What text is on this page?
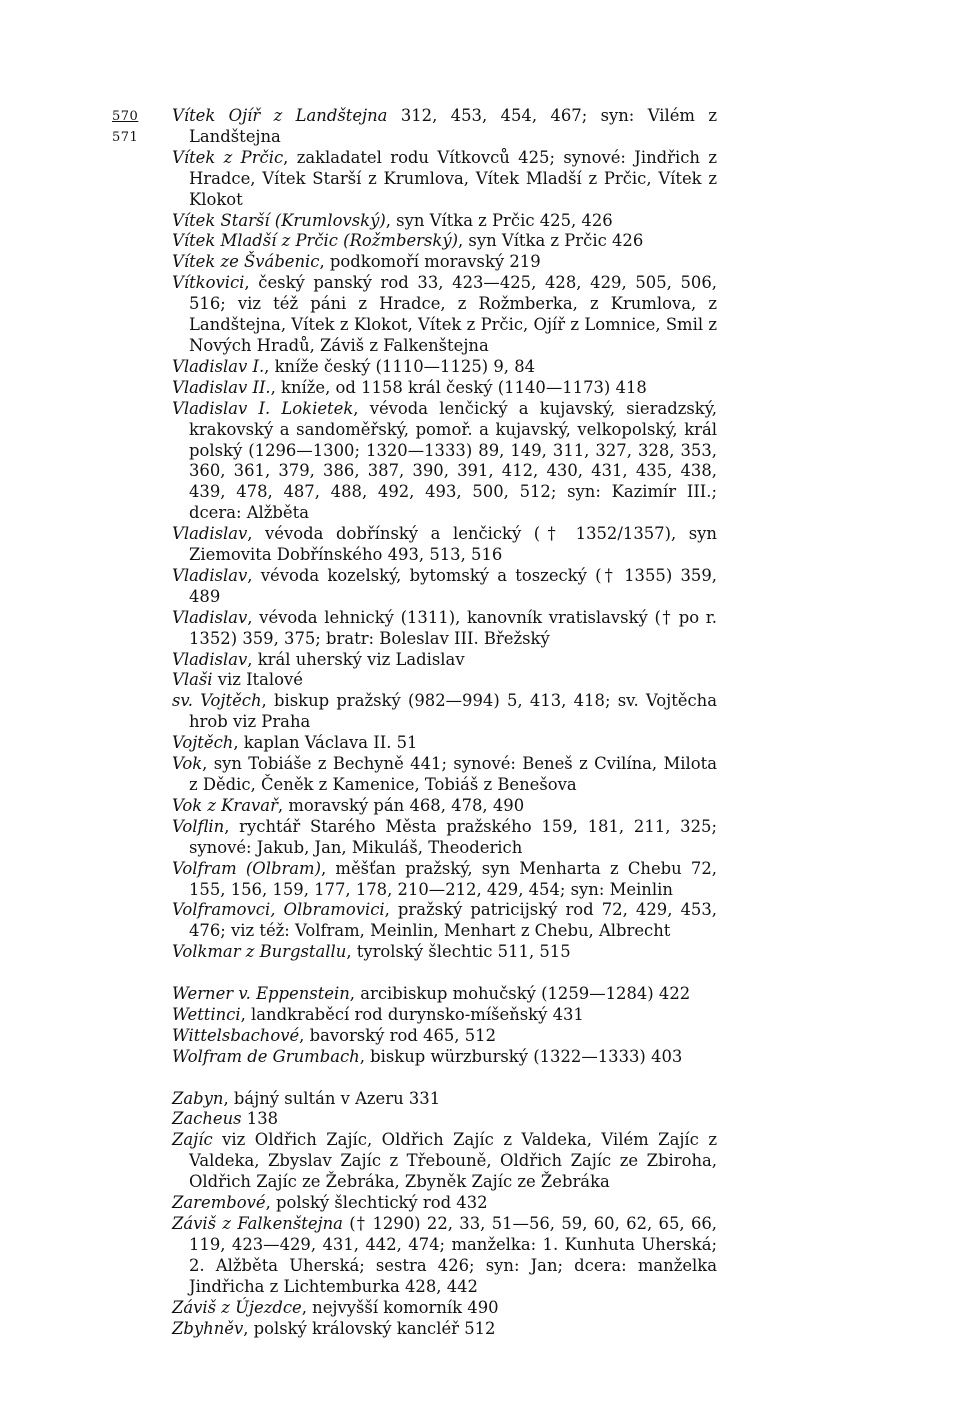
570
571

Vítek Ojíř z Landštejna 312, 453, 454, 467; syn: Vilém z Landštejna

Vítek z Prčic, zakladatel rodu Vítkovců 425; synové: Jindřich z Hradce, Vítek Starší z Krumlova, Vítek Mladší z Prčic, Vítek z Klokot

Vítek Starší (Krumlovský), syn Vítka z Prčic 425, 426

Vítek Mladší z Prčic (Rožmberský), syn Vítka z Prčic 426

Vítek ze Švábenic, podkomoří moravský 219

Vítkovici, český panský rod 33, 423—425, 428, 429, 505, 506, 516; viz též páni z Hradce, z Rožmberka, z Krumlova, z Landštejna, Vítek z Klokot, Vítek z Prčic, Ojíř z Lomnice, Smil z Nových Hradů, Záviš z Falkenštejna

Vladislav I., kníže český (1110—1125) 9, 84

Vladislav II., kníže, od 1158 král český (1140—1173) 418

Vladislav I. Lokietek, vévoda lenčický a kujavský, sieradzský, krakovský a sandoměřský, pomoř. a kujavský, velkopolský, král polský (1296—1300; 1320—1333) 89, 149, 311, 327, 328, 353, 360, 361, 379, 386, 387, 390, 391, 412, 430, 431, 435, 438, 439, 478, 487, 488, 492, 493, 500, 512; syn: Kazimír III.; dcera: Alžběta

Vladislav, vévoda dobřínský a lenčický († 1352/1357), syn Ziemovita Dobřínského 493, 513, 516

Vladislav, vévoda kozelský, bytomský a toszecký († 1355) 359, 489

Vladislav, vévoda lehnický (1311), kanovník vratislavský († po r. 1352) 359, 375; bratr: Boleslav III. Břežský

Vladislav, král uherský viz Ladislav

Vlaši viz Italové

sv. Vojtěch, biskup pražský (982—994) 5, 413, 418; sv. Vojtěcha hrob viz Praha

Vojtěch, kaplan Václava II. 51

Vok, syn Tobiáše z Bechyně 441; synové: Beneš z Cvilína, Milota z Dědic, Čeněk z Kamenice, Tobiáš z Benešova

Vok z Kravař, moravský pán 468, 478, 490

Volflin, rychtář Starého Města pražského 159, 181, 211, 325; synové: Jakub, Jan, Mikuláš, Theoderich

Volfram (Olbram), měšťan pražský, syn Menharta z Chebu 72, 155, 156, 159, 177, 178, 210—212, 429, 454; syn: Meinlin

Volframovci, Olbramovici, pražský patricijský rod 72, 429, 453, 476; viz též: Volfram, Meinlin, Menhart z Chebu, Albrecht

Volkmar z Burgstallu, tyrolský šlechtic 511, 515

Werner v. Eppenstein, arcibiskup mohučský (1259—1284) 422

Wettinci, landkraběcí rod durynsko-míšeňský 431

Wittelsbachové, bavorský rod 465, 512

Wolfram de Grumbach, biskup würzburský (1322—1333) 403

Zabyn, bájný sultán v Azeru 331

Zacheus 138

Zajíc viz Oldřich Zajíc, Oldřich Zajíc z Valdeka, Vilém Zajíc z Valdeka, Zbyslav Zajíc z Třebouně, Oldřich Zajíc ze Zbiroha, Oldřich Zajíc ze Žebráka, Zbyněk Zajíc ze Žebráka

Zarembové, polský šlechtický rod 432

Záviš z Falkenštejna († 1290) 22, 33, 51—56, 59, 60, 62, 65, 66, 119, 423—429, 431, 442, 474; manželka: 1. Kunhuta Uherská; 2. Alžběta Uherská; sestra 426; syn: Jan; dcera: manželka Jindřicha z Lichtemburka 428, 442

Záviš z Újezdce, nejvyšší komorník 490

Zbyhněv, polský královský kancléř 512
